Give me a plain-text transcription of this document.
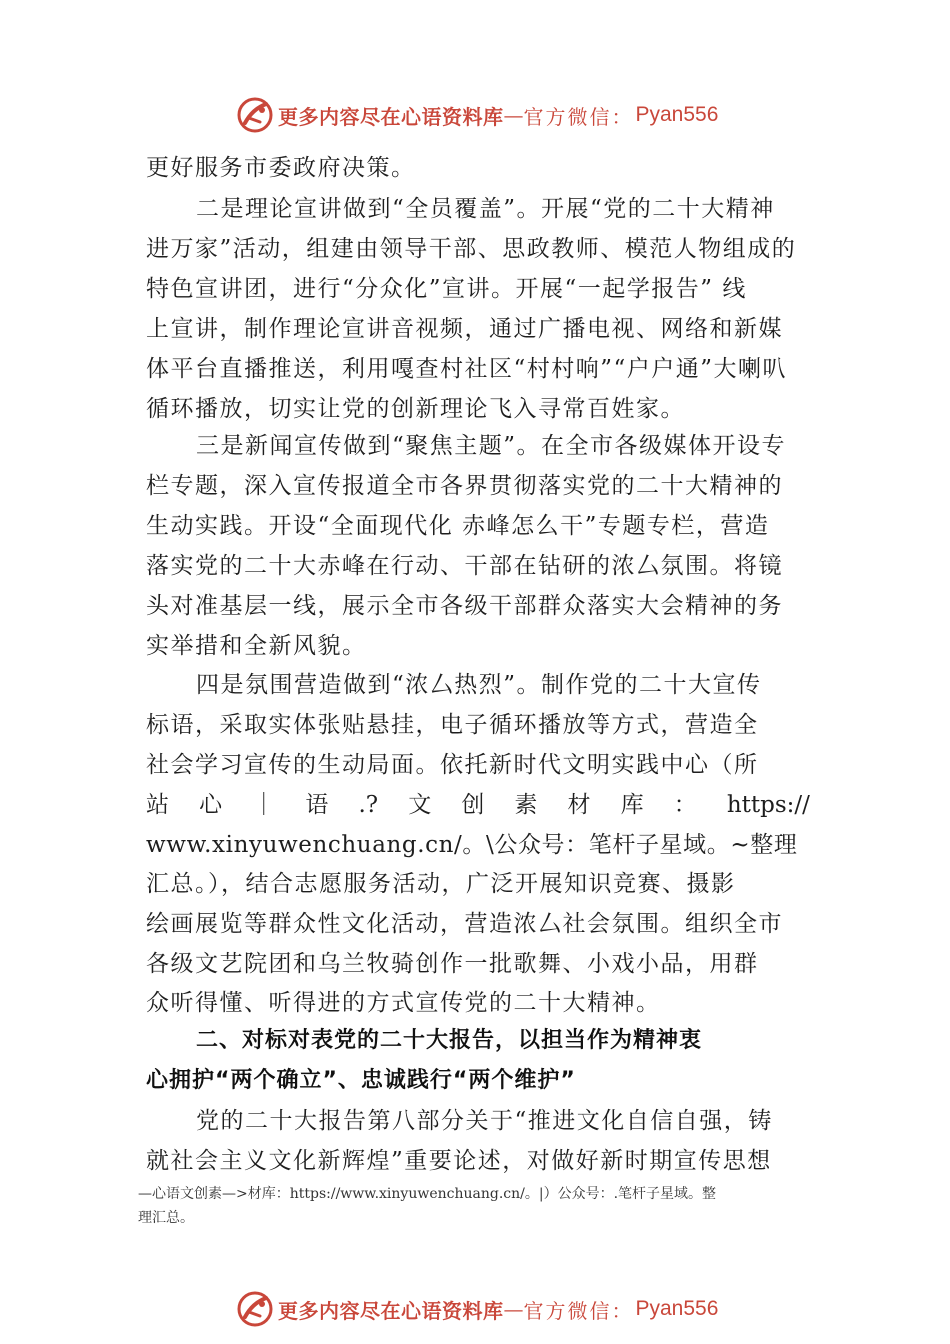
更多内容尽在心语资料库 — 官方微信： Pyan556
更好服务市委政府决策。
二是理论宣讲做到“全员覆盖”。开展“党的二十大精神
进万家”活动，组建由领导干部、思政教师、模范人物组成的
特色宣讲团，进行“分众化”宣讲。开展“一起学报告” 线
上宣讲，制作理论宣讲音视频，通过广播电视、网络和新媒
体平台直播推送，利用嘎查村社区“村村响”“户户通”大喇叭
循环播放，切实让党的创新理论飞入寻常百姓家。
三是新闻宣传做到“聚焦主题”。在全市各级媒体开设专
栏专题，深入宣传报道全市各界贯彻落实党的二十大精神的
生动实践。开设“全面现代化 赤峰怎么干”专题专栏，营造
落实党的二十大赤峰在行动、干部在钻研的浓⼛氛围。将镜
头对准基层一线，展示全市各级干部群众落实大会精神的务
实举措和全新风貌。
四是氛围营造做到“浓⼛热烈”。制作党的二十大宣传
标语，采取实体张贴悬挂，电子循环播放等方式，营造全
社会学习宣传的生动局面。依托新时代文明实践中心（所
站 心 ｜ 语 .? 文 创 素 材 库 ： https://
www.xinyuwenchuang.cn/。\公众号：笔杆子星域。~整理
汇总。），结合志愿服务活动，广泛开展知识竞赛、摄影
绘画展览等群众性文化活动，营造浓⼛社会氛围。组织全市
各级文艺院团和乌兰牧骑创作一批歌舞、小戏小品，用群
众听得懂、听得进的方式宣传党的二十大精神。
二、对标对表党的二十大报告，以担当作为精神衷
心拥护“两个确立”、忠诚践行“两个维护”
党的二十大报告第八部分关于“推进文化自信自强，铸
就社会主义文化新辉煌”重要论述，对做好新时期宣传思想
—心语文创素—>材库：https://www.xinyuwenchuang.cn/。|）公众号：.笔杆子星域。整
理汇总。
更多内容尽在心语资料库 — 官方微信： Pyan556
